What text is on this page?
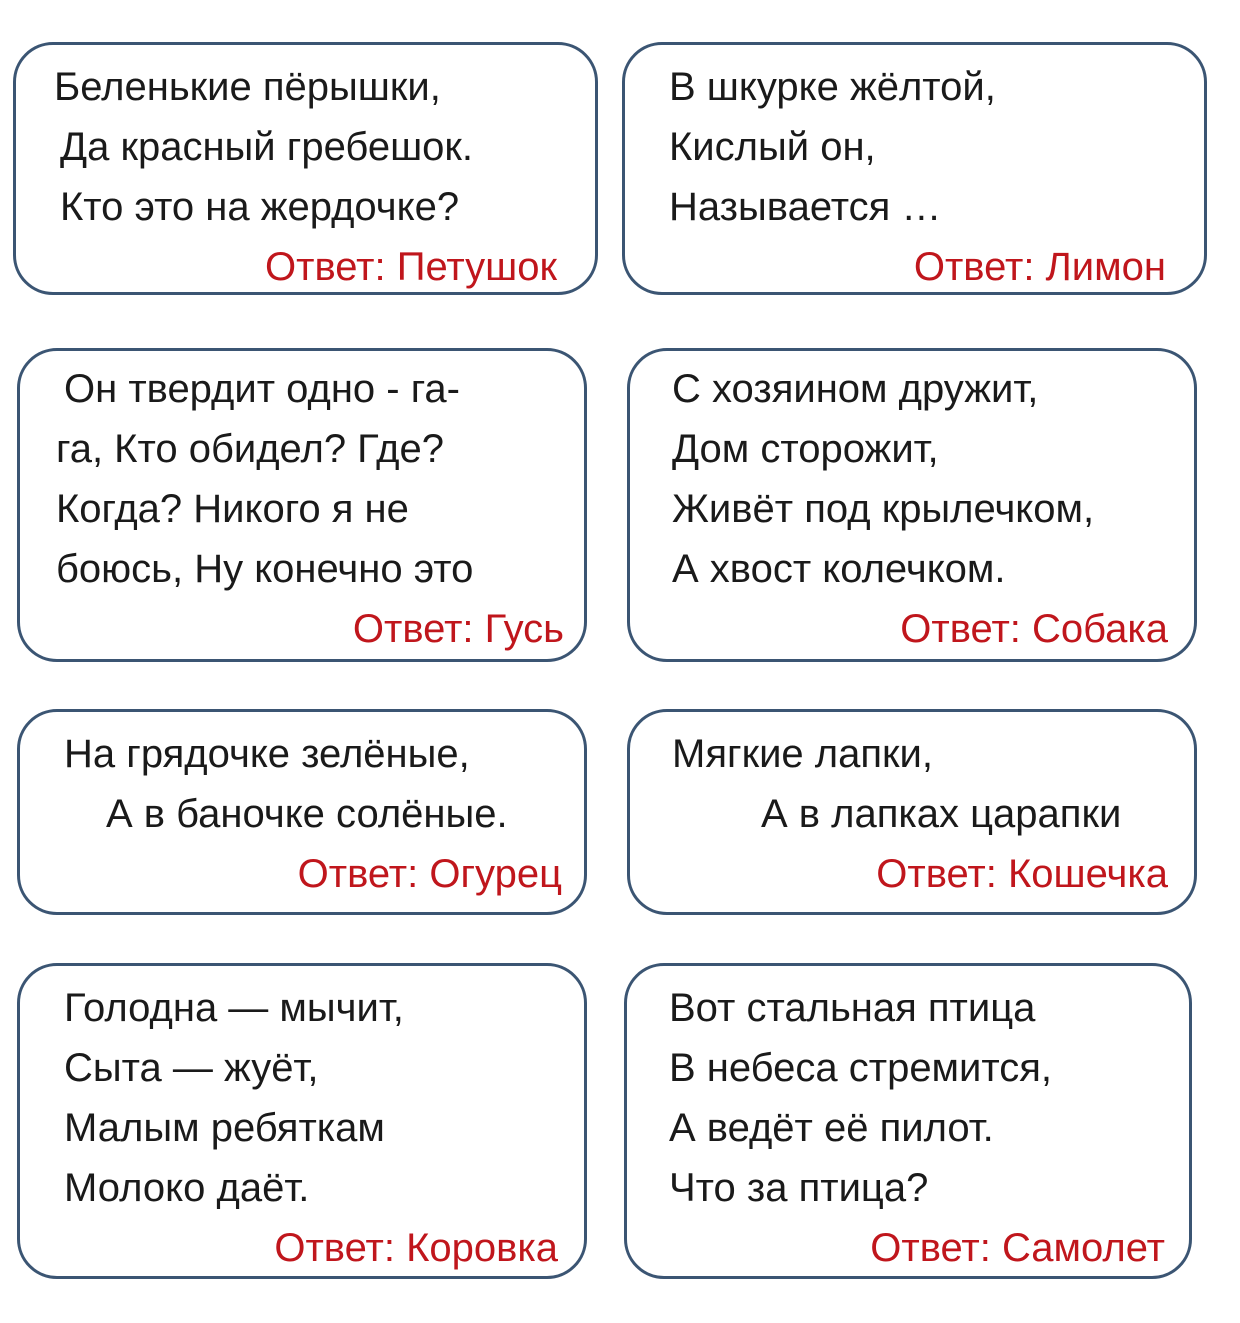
Беленькие пёрышки,
Да красный гребешок.
Кто это на жердочке?
Ответ: Петушок
В шкурке жёлтой,
Кислый он,
Называется …
Ответ: Лимон
Он твердит одно - га-
га, Кто обидел? Где?
Когда? Никого я не
боюсь, Ну конечно это
Ответ: Гусь
С хозяином дружит,
Дом сторожит,
Живёт под крылечком,
А хвост колечком.
Ответ: Собака
На грядочке зелёные,
А в баночке солёные.
Ответ: Огурец
Мягкие лапки,
А в лапках царапки
Ответ: Кошечка
Голодна — мычит,
Сыта — жуёт,
Малым ребяткам
Молоко даёт.
Ответ: Коровка
Вот стальная птица
В небеса стремится,
А ведёт её пилот.
Что за птица?
Ответ: Самолет
